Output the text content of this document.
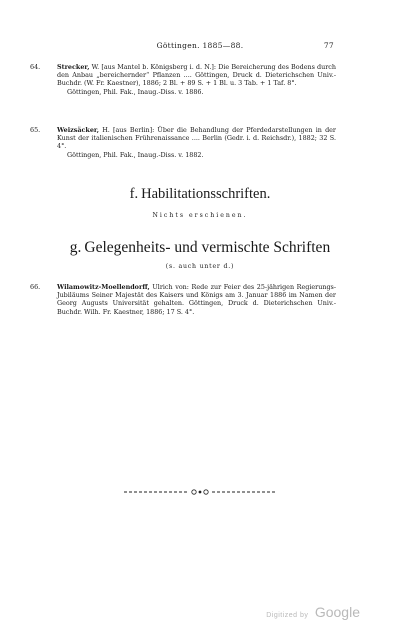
Göttingen. 1885—88.	77
64.	Strecker, W. [aus Mantel b. Königsberg i. d. N.]: Die Bereicherung des Bodens durch den Anbau „bereichernder“ Pflanzen .... Göttingen, Druck d. Dieterichschen Univ.-Buchdr. (W. Fr. Kaestner), 1886; 2 Bl. + 89 S. + 1 Bl. u. 3 Tab. + 1 Taf. 8°.
Göttingen, Phil. Fak., Inaug.-Diss. v. 1886.
65.	Weizsäcker, H. [aus Berlin]: Über die Behandlung der Pferdedarstellungen in der Kunst der italienischen Frührenaissance .... Berlin (Gedr. i. d. Reichsdr.), 1882; 32 S. 4°.
Göttingen, Phil. Fak., Inaug.-Diss. v. 1882.
f. Habilitationsschriften.
Nichts erschienen.
g. Gelegenheits- und vermischte Schriften
(s. auch unter d.)
66.	Wilamowitz-Moellendorff, Ulrich von: Rede zur Feier des 25-jährigen Regierungs-Jubiläums Seiner Majestät des Kaisers und Königs am 3. Januar 1886 im Namen der Georg Augusts Universität gehalten. Göttingen, Druck d. Dieterichschen Univ.-Buchdr. Wilh. Fr. Kaestner, 1886; 17 S. 4°.
Digitized by Google
